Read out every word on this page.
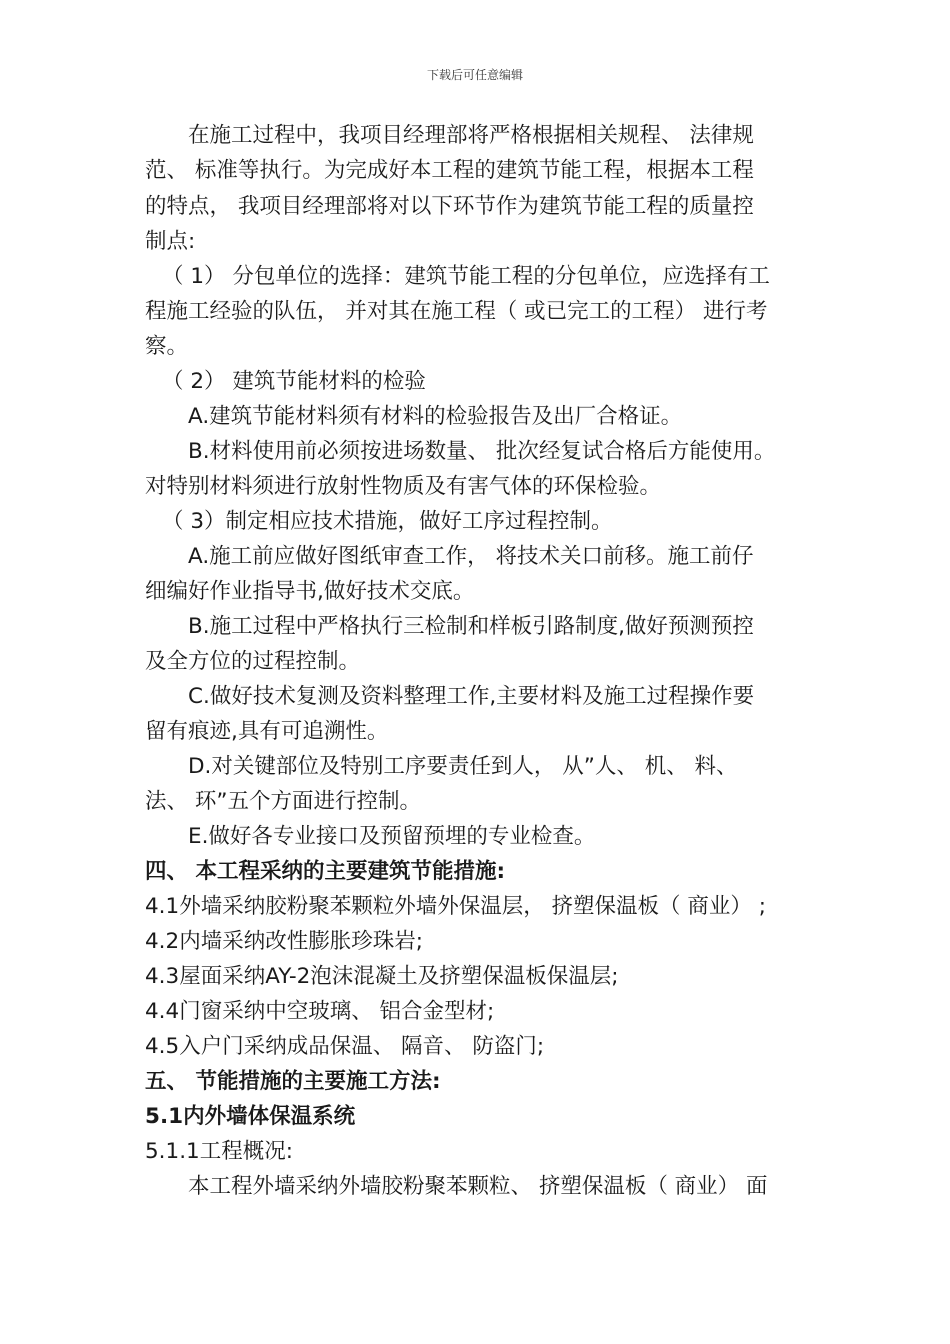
下载后可任意编辑
在施工过程中，我项目经理部将严格根据相关规程、 法律规
范、 标准等执行。为完成好本工程的建筑节能工程，根据本工程
的特点， 我项目经理部将对以下环节作为建筑节能工程的质量控
制点:
（ 1） 分包单位的选择：建筑节能工程的分包单位，应选择有工
程施工经验的队伍， 并对其在施工程（ 或已完工的工程） 进行考
察。
（ 2） 建筑节能材料的检验
A.建筑节能材料须有材料的检验报告及出厂合格证。
B.材料使用前必须按进场数量、 批次经复试合格后方能使用。
对特别材料须进行放射性物质及有害气体的环保检验。
（ 3）制定相应技术措施，做好工序过程控制。
A.施工前应做好图纸审查工作， 将技术关口前移。施工前仔
细编好作业指导书,做好技术交底。
B.施工过程中严格执行三检制和样板引路制度,做好预测预控
及全方位的过程控制。
C.做好技术复测及资料整理工作,主要材料及施工过程操作要
留有痕迹,具有可追溯性。
D.对关键部位及特别工序要责任到人， 从”人、 机、 料、
法、 环”五个方面进行控制。
E.做好各专业接口及预留预埋的专业检查。
四、 本工程采纳的主要建筑节能措施:
4.1外墙采纳胶粉聚苯颗粒外墙外保温层， 挤塑保温板（ 商业） ;
4.2内墙采纳改性膨胀珍珠岩;
4.3屋面采纳AY-2泡沫混凝土及挤塑保温板保温层;
4.4门窗采纳中空玻璃、 铝合金型材;
4.5入户门采纳成品保温、 隔音、 防盗门;
五、 节能措施的主要施工方法:
5.1内外墙体保温系统
5.1.1工程概况:
本工程外墙采纳外墙胶粉聚苯颗粒、 挤塑保温板（ 商业） 面
